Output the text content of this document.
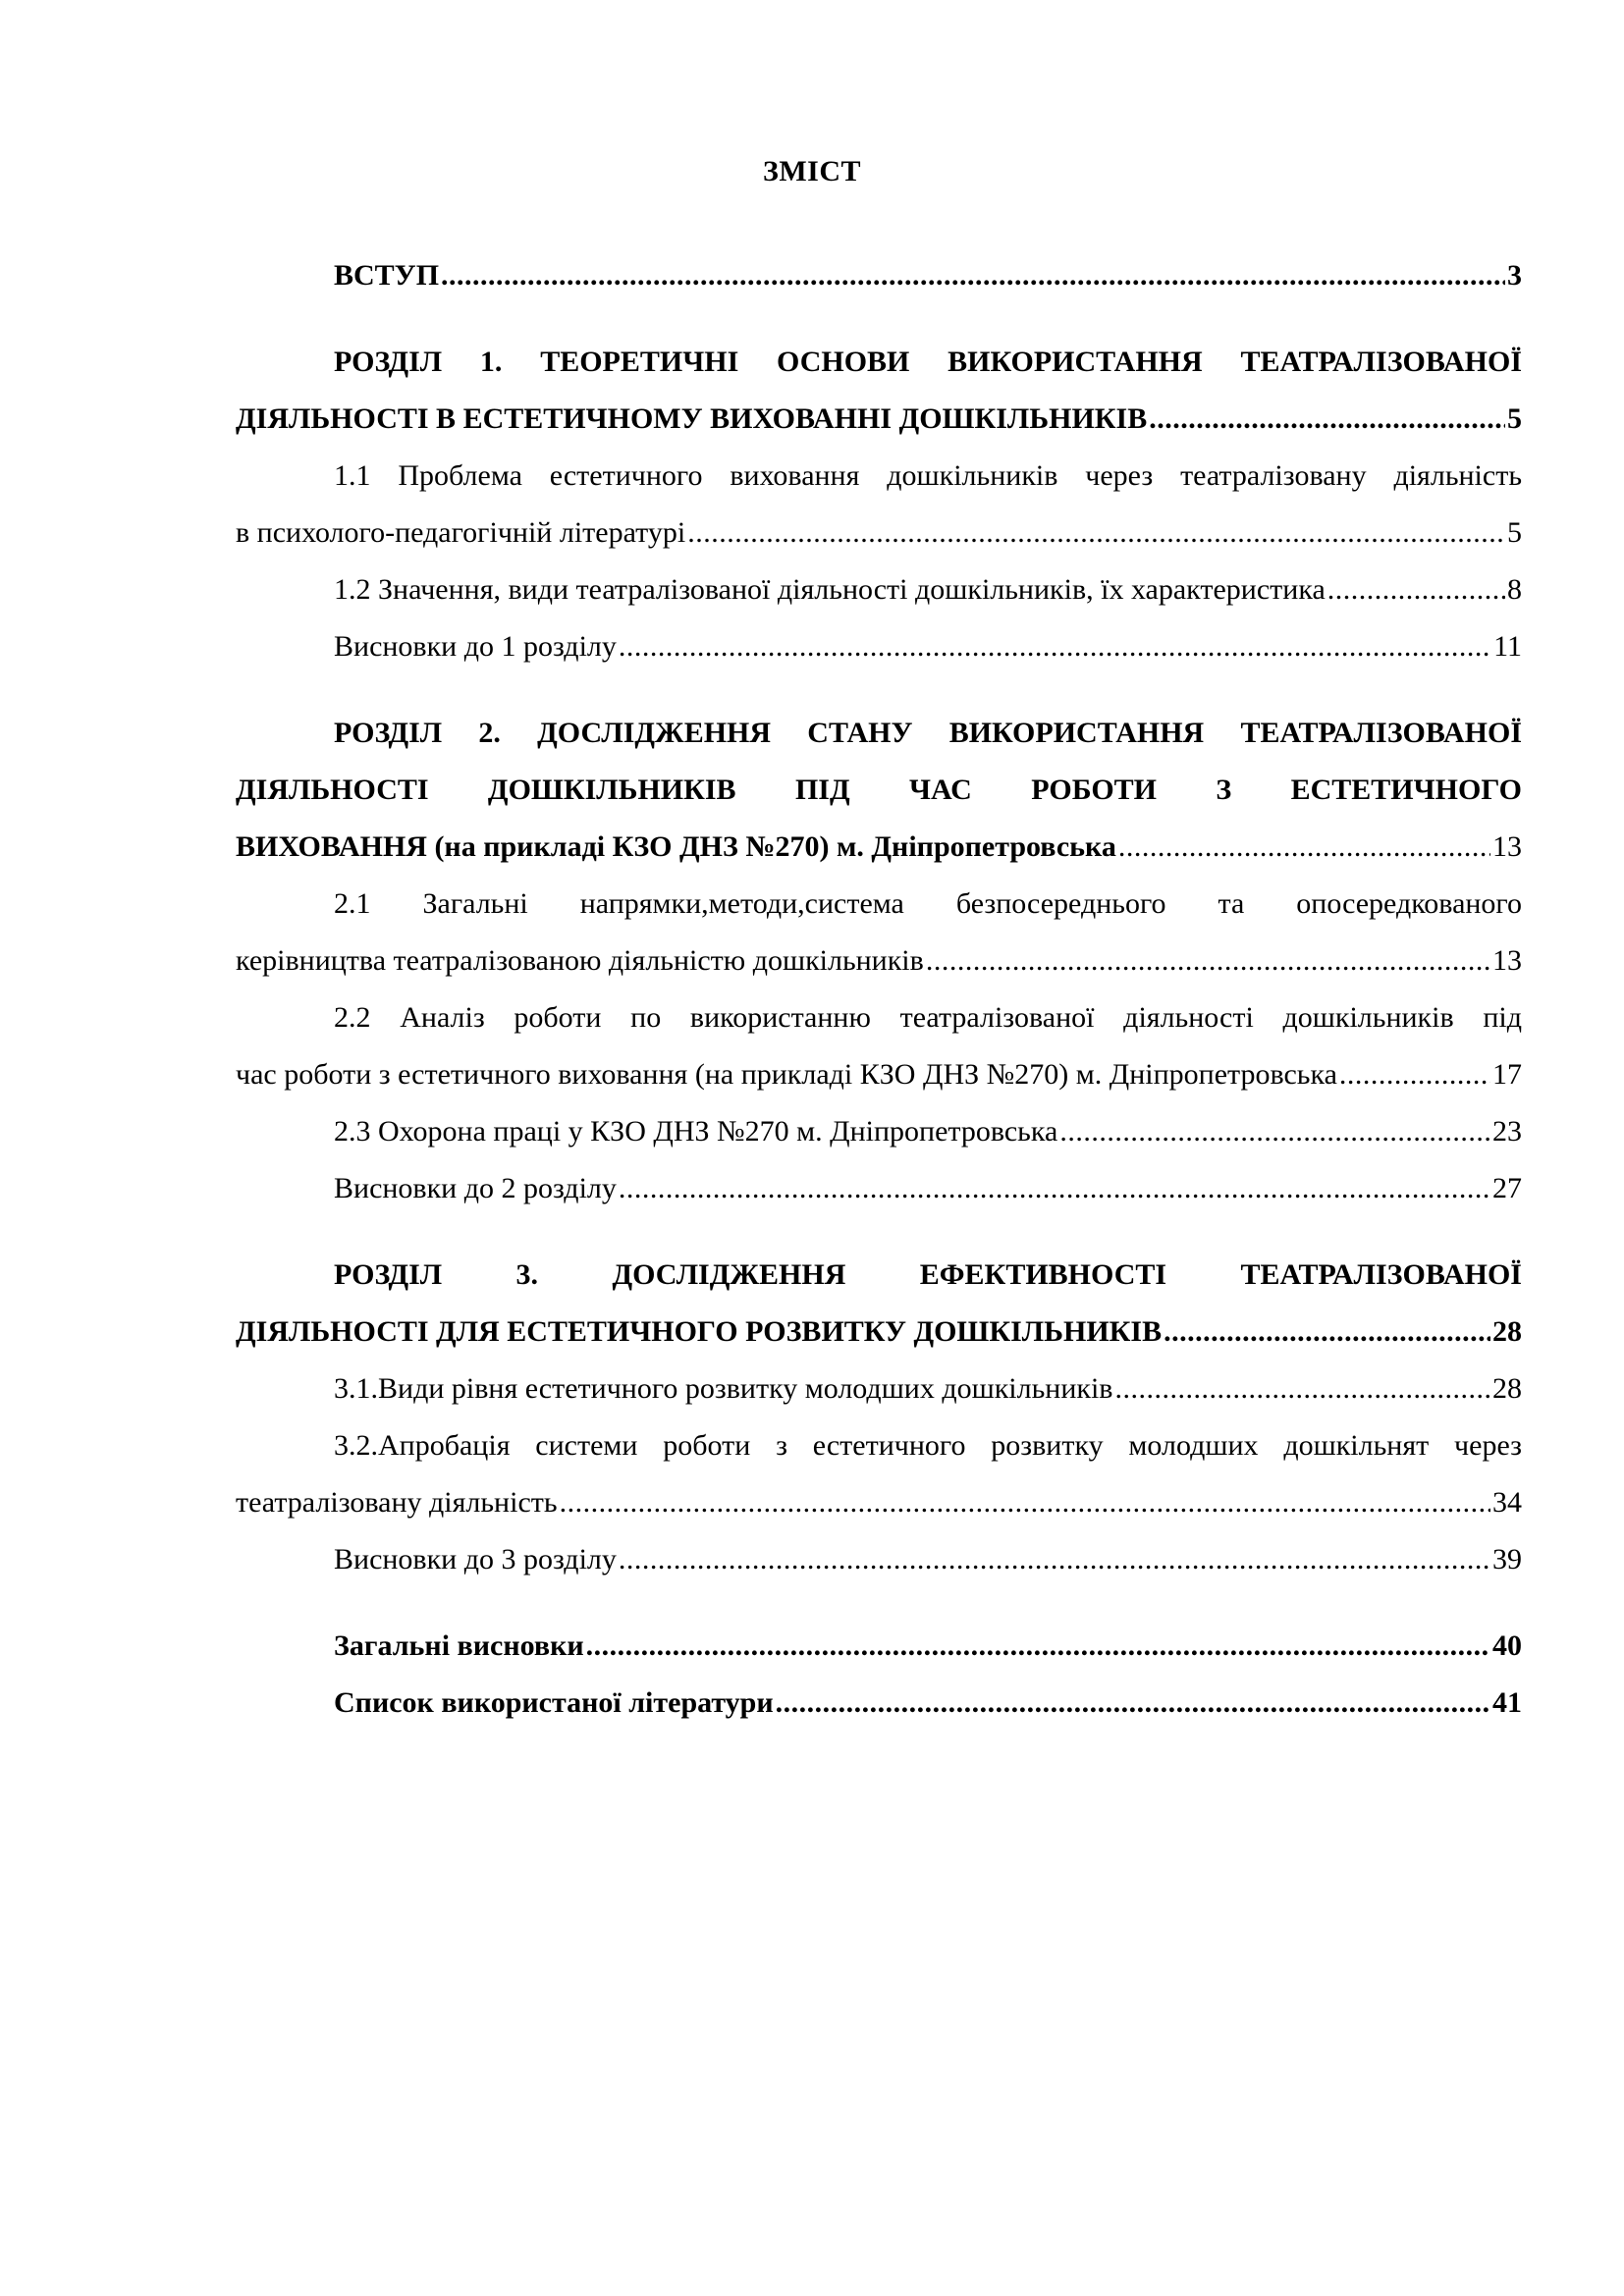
ЗМІСТ
ВСТУП .....	3
РОЗДІЛ 1. ТЕОРЕТИЧНІ ОСНОВИ ВИКОРИСТАННЯ ТЕАТРАЛІЗОВАНОЇ
ДІЯЛЬНОСТІ В ЕСТЕТИЧНОМУ ВИХОВАННІ ДОШКІЛЬНИКІВ .....	5
1.1 Проблема естетичного виховання дошкільників через театралізовану діяльність
в психолого-педагогічній літературі .....	5
1.2 Значення, види театралізованої діяльності дошкільників, їх характеристика .....	8
Висновки до 1 розділу .....	11
РОЗДІЛ 2. ДОСЛІДЖЕННЯ СТАНУ ВИКОРИСТАННЯ ТЕАТРАЛІЗОВАНОЇ
ДІЯЛЬНОСТІ ДОШКІЛЬНИКІВ ПІД ЧАС РОБОТИ З ЕСТЕТИЧНОГО
ВИХОВАННЯ (на прикладі КЗО ДНЗ №270) м. Дніпропетровська .....	13
2.1 Загальні напрямки,методи,система безпосереднього та опосередкованого
керівництва театралізованою діяльністю дошкільників .....	13
2.2 Аналіз роботи по використанню театралізованої діяльності дошкільників під
час роботи з естетичного виховання (на прикладі КЗО ДНЗ №270) м. Дніпропетровська .....	17
2.3 Охорона праці у КЗО ДНЗ №270 м. Дніпропетровська .....	23
Висновки до 2 розділу .....	27
РОЗДІЛ 3. ДОСЛІДЖЕННЯ ЕФЕКТИВНОСТІ ТЕАТРАЛІЗОВАНОЇ
ДІЯЛЬНОСТІ ДЛЯ ЕСТЕТИЧНОГО РОЗВИТКУ ДОШКІЛЬНИКІВ .....	28
3.1.Види рівня естетичного розвитку молодших дошкільників .....	28
3.2.Апробація системи роботи з естетичного розвитку молодших дошкільнят через
театралізовану діяльність .....	34
Висновки до 3 розділу .....	39
Загальні висновки .....	40
Список використаної літератури .....	41
